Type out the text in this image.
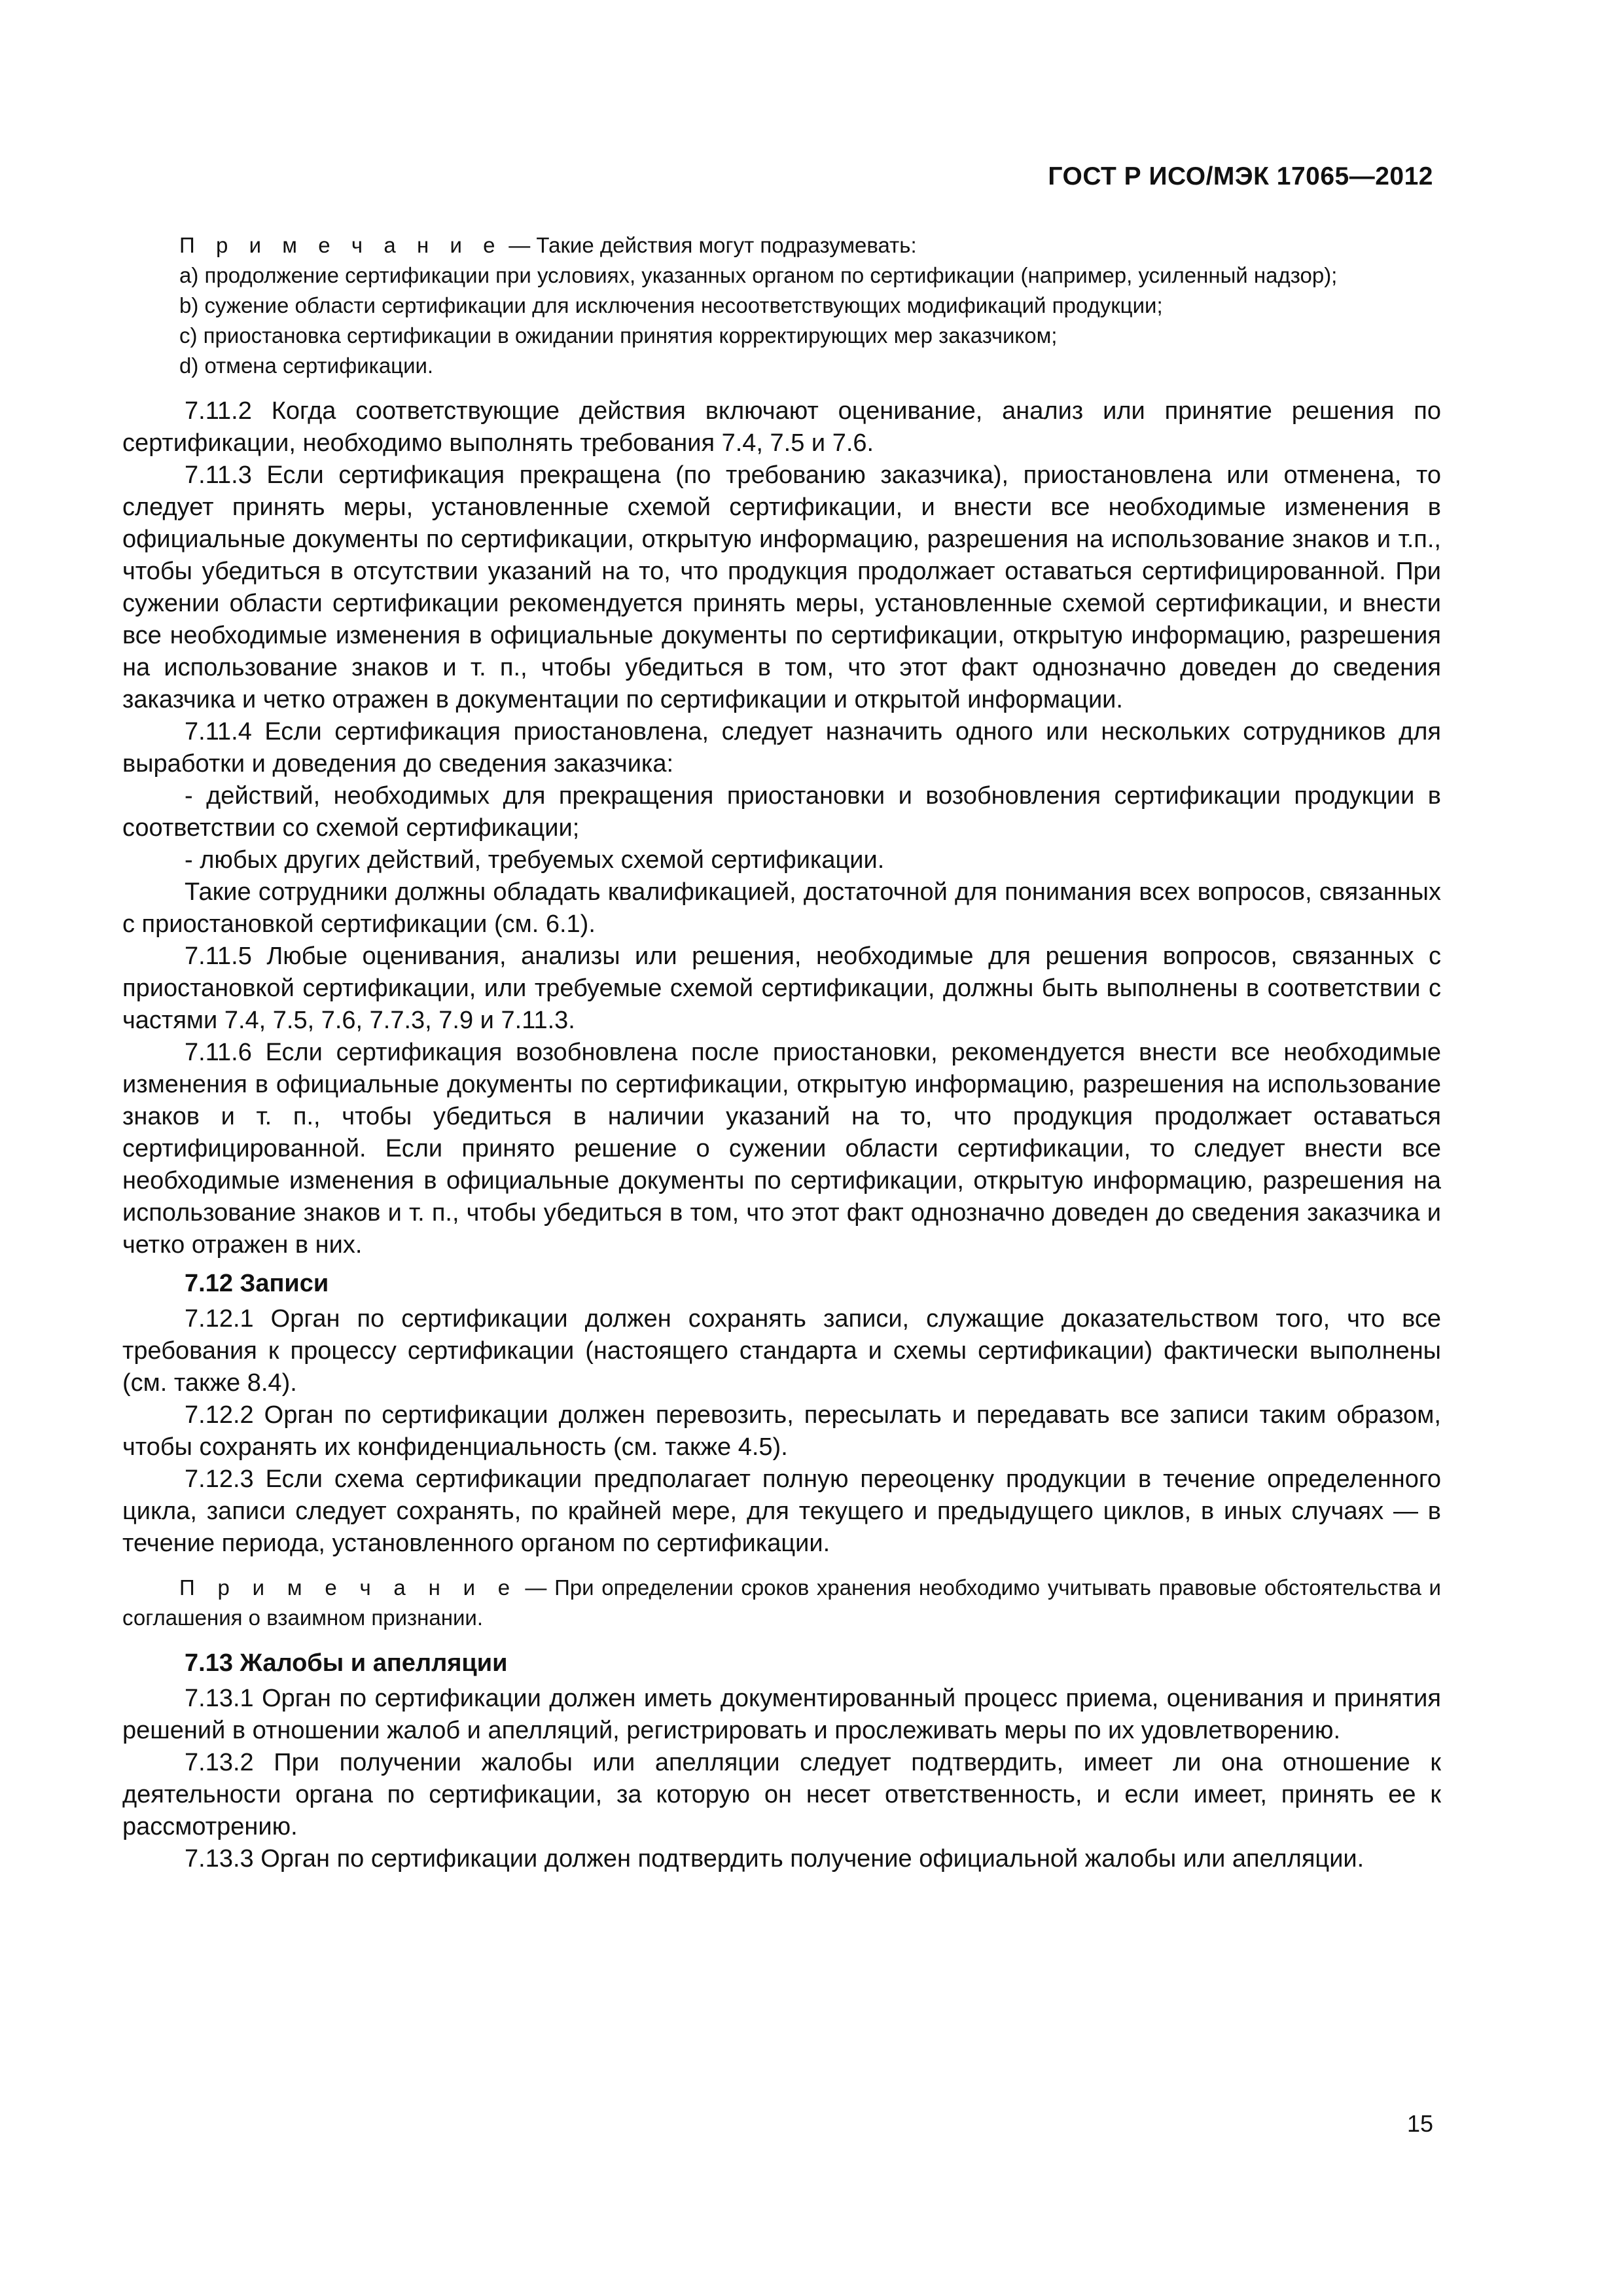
ГОСТ Р ИСО/МЭК 17065—2012

П р и м е ч а н и е — Такие действия могут подразумевать:

a) продолжение сертификации при условиях, указанных органом по сертификации (например, усиленный надзор);

b) сужение области сертификации для исключения несоответствующих модификаций продукции;

c) приостановка сертификации в ожидании принятия корректирующих мер заказчиком;

d) отмена сертификации.

7.11.2 Когда соответствующие действия включают оценивание, анализ или принятие решения по сертификации, необходимо выполнять требования 7.4, 7.5 и 7.6.

7.11.3 Если сертификация прекращена (по требованию заказчика), приостановлена или отменена, то следует принять меры, установленные схемой сертификации, и внести все необходимые изменения в официальные документы по сертификации, открытую информацию, разрешения на использование знаков и т.п., чтобы убедиться в отсутствии указаний на то, что продукция продолжает оставаться сертифицированной. При сужении области сертификации рекомендуется принять меры, установленные схемой сертификации, и внести все необходимые изменения в официальные документы по сертификации, открытую информацию, разрешения на использование знаков и т. п., чтобы убедиться в том, что этот факт однозначно доведен до сведения заказчика и четко отражен в документации по сертификации и открытой информации.

7.11.4 Если сертификация приостановлена, следует назначить одного или нескольких сотрудников для выработки и доведения до сведения заказчика:

- действий, необходимых для прекращения приостановки и возобновления сертификации продукции в соответствии со схемой сертификации;

- любых других действий, требуемых схемой сертификации.

Такие сотрудники должны обладать квалификацией, достаточной для понимания всех вопросов, связанных с приостановкой сертификации (см. 6.1).

7.11.5 Любые оценивания, анализы или решения, необходимые для решения вопросов, связанных с приостановкой сертификации, или требуемые схемой сертификации, должны быть выполнены в соответствии с частями 7.4, 7.5, 7.6, 7.7.3, 7.9 и 7.11.3.

7.11.6 Если сертификация возобновлена после приостановки, рекомендуется внести все необходимые изменения в официальные документы по сертификации, открытую информацию, разрешения на использование знаков и т. п., чтобы убедиться в наличии указаний на то, что продукция продолжает оставаться сертифицированной. Если принято решение о сужении области сертификации, то следует внести все необходимые изменения в официальные документы по сертификации, открытую информацию, разрешения на использование знаков и т. п., чтобы убедиться в том, что этот факт однозначно доведен до сведения заказчика и четко отражен в них.

7.12 Записи

7.12.1 Орган по сертификации должен сохранять записи, служащие доказательством того, что все требования к процессу сертификации (настоящего стандарта и схемы сертификации) фактически выполнены (см. также 8.4).

7.12.2 Орган по сертификации должен перевозить, пересылать и передавать все записи таким образом, чтобы сохранять их конфиденциальность (см. также 4.5).

7.12.3 Если схема сертификации предполагает полную переоценку продукции в течение определенного цикла, записи следует сохранять, по крайней мере, для текущего и предыдущего циклов, в иных случаях — в течение периода, установленного органом по сертификации.

П р и м е ч а н и е — При определении сроков хранения необходимо учитывать правовые обстоятельства и соглашения о взаимном признании.

7.13 Жалобы и апелляции

7.13.1 Орган по сертификации должен иметь документированный процесс приема, оценивания и принятия решений в отношении жалоб и апелляций, регистрировать и прослеживать меры по их удовлетворению.

7.13.2 При получении жалобы или апелляции следует подтвердить, имеет ли она отношение к деятельности органа по сертификации, за которую он несет ответственность, и если имеет, принять ее к рассмотрению.

7.13.3 Орган по сертификации должен подтвердить получение официальной жалобы или апелляции.

15
